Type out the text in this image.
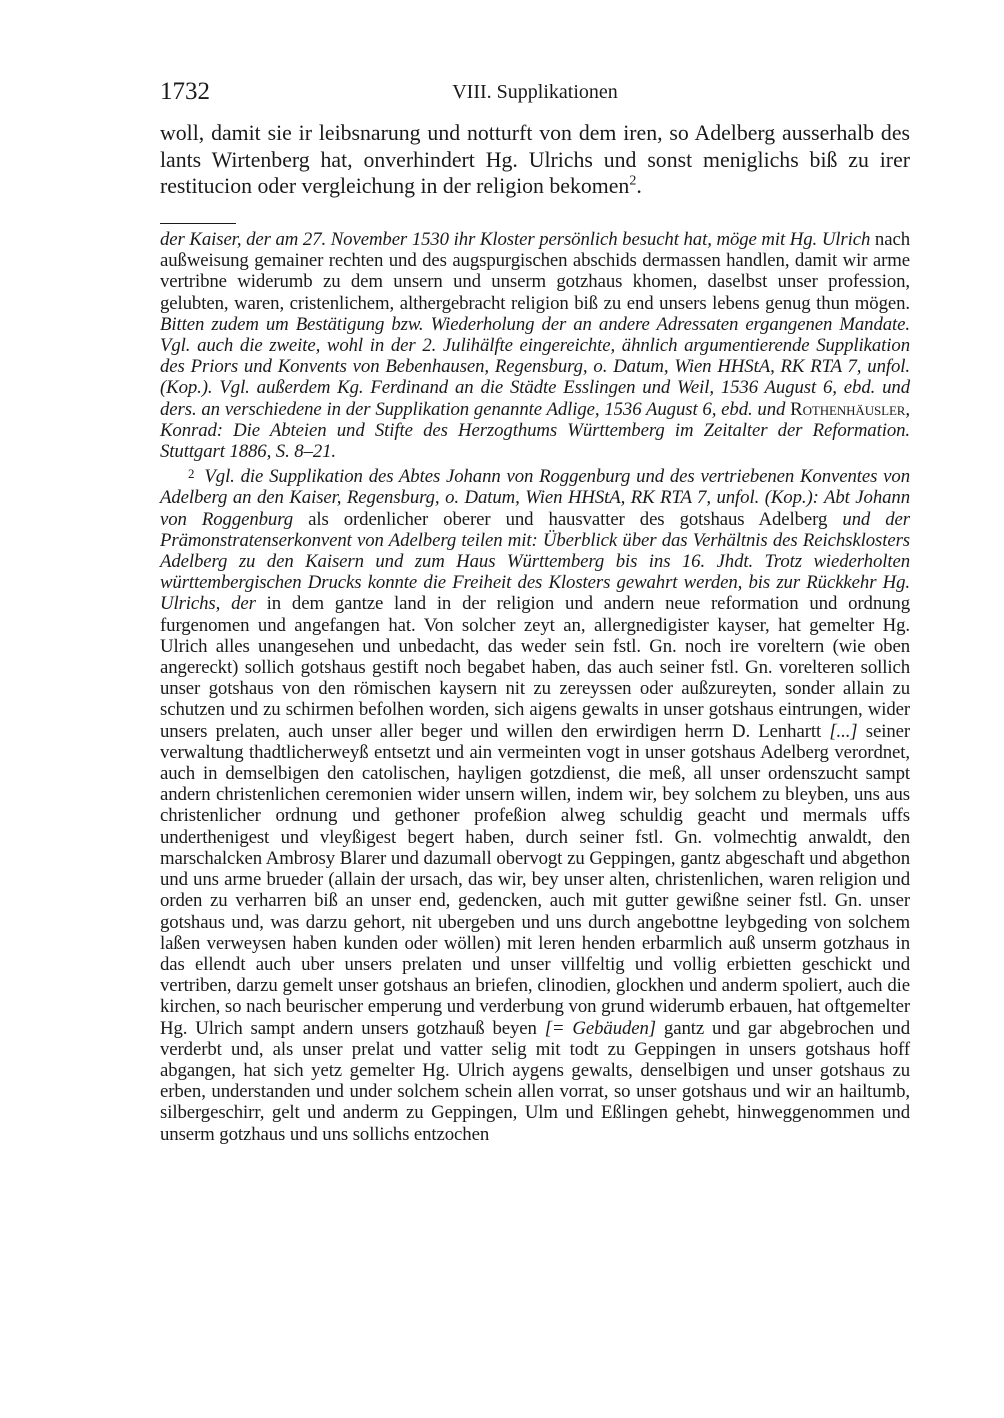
1732	VIII. Supplikationen

woll, damit sie ir leibsnarung und notturft von dem iren, so Adelberg ausserhalb des lants Wirtenberg hat, onverhindert Hg. Ulrichs und sonst meniglichs biß zu irer restitucion oder vergleichung in der religion bekomen$^2$.

der Kaiser, der am 27. November 1530 ihr Kloster persönlich besucht hat, möge mit Hg. Ulrich nach außweisung gemainer rechten und des augspurgischen abschids dermassen handlen, damit wir arme vertribne widerumb zu dem unsern und unserm gotzhaus khomen, daselbst unser profession, gelubten, waren, cristenlichem, althergebracht religion biß zu end unsers lebens genug thun mögen. Bitten zudem um Bestätigung bzw. Wiederholung der an andere Adressaten ergangenen Mandate. Vgl. auch die zweite, wohl in der 2. Julihälfte eingereichte, ähnlich argumentierende Supplikation des Priors und Konvents von Bebenhausen, Regensburg, o. Datum, Wien HHStA, RK RTA 7, unfol. (Kop.). Vgl. außerdem Kg. Ferdinand an die Städte Esslingen und Weil, 1536 August 6, ebd. und ders. an verschiedene in der Supplikation genannte Adlige, 1536 August 6, ebd. und Rothenhäusler, Konrad: Die Abteien und Stifte des Herzogthums Württemberg im Zeitalter der Reformation. Stuttgart 1886, S. 8–21.

2 Vgl. die Supplikation des Abtes Johann von Roggenburg und des vertriebenen Konventes von Adelberg an den Kaiser, Regensburg, o. Datum, Wien HHStA, RK RTA 7, unfol. (Kop.): Abt Johann von Roggenburg als ordenlicher oberer und hausvatter des gotshaus Adelberg und der Prämonstratenserkonvent von Adelberg teilen mit: Überblick über das Verhältnis des Reichsklosters Adelberg zu den Kaisern und zum Haus Württemberg bis ins 16. Jhdt. Trotz wiederholten württembergischen Drucks konnte die Freiheit des Klosters gewahrt werden, bis zur Rückkehr Hg. Ulrichs, der in dem gantze land in der religion und andern neue reformation und ordnung furgenomen und angefangen hat. Von solcher zeyt an, allergnedigister kayser, hat gemelter Hg. Ulrich alles unangesehen und unbedacht, das weder sein fstl. Gn. noch ire voreltern (wie oben angereckt) sollich gotshaus gestift noch begabet haben, das auch seiner fstl. Gn. vorelteren sollich unser gotshaus von den römischen kaysern nit zu zereyssen oder außzureyten, sonder allain zu schutzen und zu schirmen befolhen worden, sich aigens gewalts in unser gotshaus eintrungen, wider unsers prelaten, auch unser aller beger und willen den erwirdigen herrn D. Lenhartt [...] seiner verwaltung thadtlicherweyß entsetzt und ain vermeinten vogt in unser gotshaus Adelberg verordnet, auch in demselbigen den catolischen, hayligen gotzdienst, die meß, all unser ordenszucht sampt andern christenlichen ceremonien wider unsern willen, indem wir, bey solchem zu bleyben, uns aus christenlicher ordnung und gethoner profeßion alweg schuldig geacht und mermals uffs underthenigest und vleyßigest begert haben, durch seiner fstl. Gn. volmechtig anwaldt, den marschalcken Ambrosy Blarer und dazumall obervogt zu Geppingen, gantz abgeschaft und abgethon und uns arme brueder (allain der ursach, das wir, bey unser alten, christenlichen, waren religion und orden zu verharren biß an unser end, gedencken, auch mit gutter gewißne seiner fstl. Gn. unser gotshaus und, was darzu gehort, nit ubergeben und uns durch angebottne leybgeding von solchem laßen verweysen haben kunden oder wöllen) mit leren henden erbarmlich auß unserm gotzhaus in das ellendt auch uber unsers prelaten und unser villfeltig und vollig erbietten geschickt und vertriben, darzu gemelt unser gotshaus an briefen, clinodien, glockhen und anderm spoliert, auch die kirchen, so nach beurischer emperung und verderbung von grund widerumb erbauen, hat oftgemelter Hg. Ulrich sampt andern unsers gotzhauß beyen [= Gebäuden] gantz und gar abgebrochen und verderbt und, als unser prelat und vatter selig mit todt zu Geppingen in unsers gotshaus hoff abgangen, hat sich yetz gemelter Hg. Ulrich aygens gewalts, denselbigen und unser gotshaus zu erben, understanden und under solchem schein allen vorrat, so unser gotshaus und wir an hailtumb, silbergeschirr, gelt und anderm zu Geppingen, Ulm und Eßlingen gehebt, hinweggenommen und unserm gotzhaus und uns sollichs entzochen
